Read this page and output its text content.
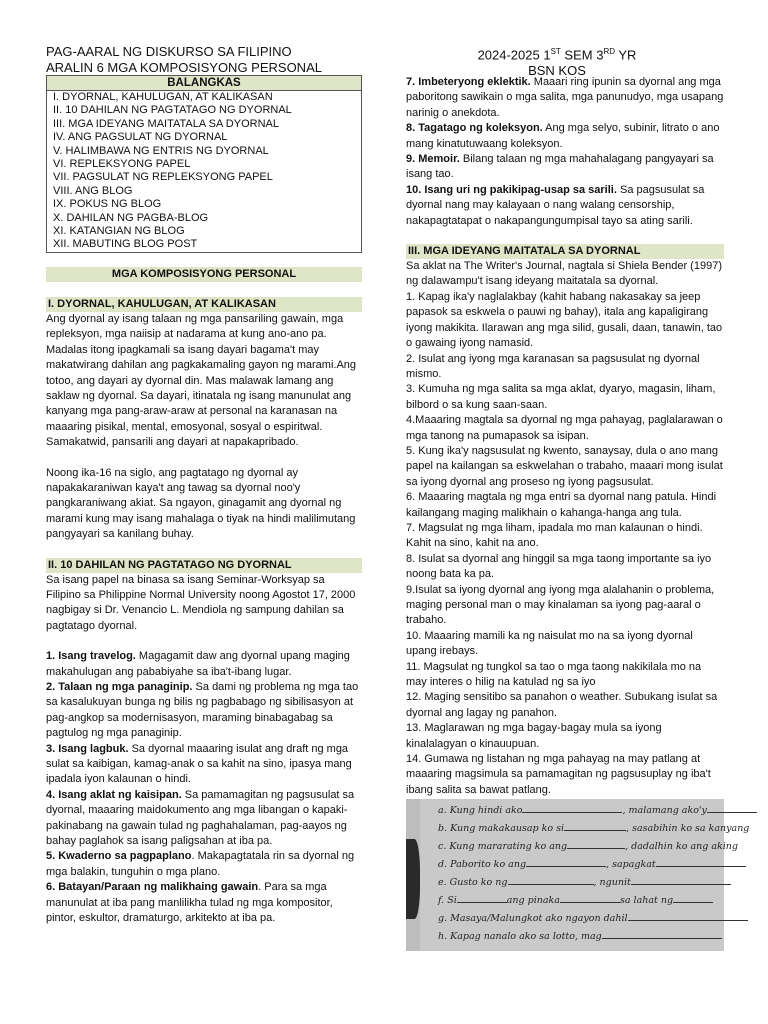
PAG-AARAL NG DISKURSO SA FILIPINO
ARALIN 6 MGA KOMPOSISYONG PERSONAL
2024-2025 1ST SEM 3RD YR
BSN KOS
BALANGKAS
I. DYORNAL, KAHULUGAN, AT KALIKASAN
II. 10 DAHILAN NG PAGTATAGO NG DYORNAL
III. MGA IDEYANG MAITATALA SA DYORNAL
IV. ANG PAGSULAT NG DYORNAL
V. HALIMBAWA NG ENTRIS NG DYORNAL
VI. REPLEKSYONG PAPEL
VII. PAGSULAT NG REPLEKSYONG PAPEL
VIII. ANG BLOG
IX. POKUS NG BLOG
X. DAHILAN NG PAGBA-BLOG
XI. KATANGIAN NG BLOG
XII. MABUTING BLOG POST
MGA KOMPOSISYONG PERSONAL
I. DYORNAL, KAHULUGAN, AT KALIKASAN

Ang dyornal ay isang talaan ng mga pansariling gawain, mga repleksyon, mga naiisip at nadarama at kung ano-ano pa. Madalas itong ipagkamali sa isang dayari bagama't may makatwirang dahilan ang pagkakamaling gayon ng marami.Ang totoo, ang dayari ay dyornal din. Mas malawak lamang ang saklaw ng dyornal. Sa dayari, itinatala ng isang manunulat ang kanyang mga pang-araw-araw at personal na karanasan na maaaring pisikal, mental, emosyonal, sosyal o espiritwal. Samakatwid, pansarili ang dayari at napakapribado.

Noong ika-16 na siglo, ang pagtatago ng dyornal ay napakakaraniwan kaya't ang tawag sa dyornal noo'y pangkaraniwang akiat. Sa ngayon, ginagamit ang dyornal ng marami kung may isang mahalaga o tiyak na hindi malilimutang pangyayari sa kanilang buhay.

II. 10 DAHILAN NG PAGTATAGO NG DYORNAL

Sa isang papel na binasa sa isang Seminar-Worksyap sa Filipino sa Philippine Normal University noong Agostot 17, 2000 nagbigay si Dr. Venancio L. Mendiola ng sampung dahilan sa pagtatago dyornal.

1. Isang travelog. Magagamit daw ang dyornal upang maging makahulugan ang pababiyahe sa iba't-ibang lugar.

2. Talaan ng mga panaginip. Sa dami ng problema ng mga tao sa kasalukuyan bunga ng bilis ng pagbabago ng sibilisasyon at pag-angkop sa modernisasyon, maraming binabagabag sa pagtulog ng mga panaginip.

3. Isang lagbuk. Sa dyornal maaaring isulat ang draft ng mga sulat sa kaibigan, kamag-anak o sa kahit na sino, ipasya mang ipadala iyon kalaunan o hindi.

4. Isang aklat ng kaisipan. Sa pamamagitan ng pagsusulat sa dyornal, maaaring maidokumento ang mga libangan o kapaki-pakinabang na gawain tulad ng paghahalaman, pag-aayos ng bahay paglahok sa isang paligsahan at iba pa.

5. Kwaderno sa pagpaplano. Makapagtatala rin sa dyornal ng mga balakin, tunguhin o mga plano.

6. Batayan/Paraan ng malikhaing gawain. Para sa mga manunulat at iba pang manlilikha tulad ng mga kompositor, pintor, eskultor, dramaturgo, arkitekto at iba pa.

7. Imbeteryong eklektik. Maaari ring ipunin sa dyornal ang mga paboritong sawikain o mga salita, mga panunudyo, mga usapang narinig o anekdota.

8. Tagatago ng koleksyon. Ang mga selyo, subinir, litrato o ano mang kinatutuwaang koleksyon.

9. Memoir. Bilang talaan ng mga mahahalagang pangyayari sa isang tao.

10. Isang uri ng pakikipag-usap sa sarili. Sa pagsusulat sa dyornal nang may kalayaan o nang walang censorship, nakapagtatapat o nakapangungumpisal tayo sa ating sarili.

III. MGA IDEYANG MAITATALA SA DYORNAL

Sa aklat na The Writer's Journal, nagtala si Shiela Bender (1997) ng dalawampu't isang ideyang maitatala sa dyornal.

1. Kapag ika'y naglalakbay (kahit habang nakasakay sa jeep papasok sa eskwela o pauwi ng bahay), itala ang kapaligirang iyong makikita. Ilarawan ang mga silid, gusali, daan, tanawin, tao o gawaing iyong namasid.

2. Isulat ang iyong mga karanasan sa pagsusulat ng dyornal mismo.

3. Kumuha ng mga salita sa mga aklat, dyaryo, magasin, liham, bilbord o sa kung saan-saan.

4.Maaaring magtala sa dyornal ng mga pahayag, paglalarawan o mga tanong na pumapasok sa isipan.

5. Kung ika'y nagsusulat ng kwento, sanaysay, dula o ano mang papel na kailangan sa eskwelahan o trabaho, maaari mong isulat sa iyong dyornal ang proseso ng iyong pagsusulat.

6. Maaaring magtala ng mga entri sa dyornal nang patula. Hindi kailangang maging malikhain o kahanga-hanga ang tula.

7. Magsulat ng mga liham, ipadala mo man kalaunan o hindi. Kahit na sino, kahit na ano.

8. Isulat sa dyornal ang hinggil sa mga taong importante sa iyo noong bata ka pa.

9.Isulat sa iyong dyornal ang iyong mga alalahanin o problema, maging personal man o may kinalaman sa iyong pag-aaral o trabaho.

10. Maaaring mamili ka ng naisulat mo na sa iyong dyornal upang irebays.

11. Magsulat ng tungkol sa tao o mga taong nakikilala mo na may interes o hilig na katulad ng sa iyo

12. Maging sensitibo sa panahon o weather. Subukang isulat sa dyornal ang lagay ng panahon.

13. Maglarawan ng mga bagay-bagay mula sa iyong kinalalagyan o kinauupuan.

14. Gumawa ng listahan ng mga pahayag na may patlang at maaaring magsimula sa pamamagitan ng pagsusuplay ng iba't ibang salita sa bawat patlang.

a. Kung hindi ako	, malamang ako'y
b. Kung makakausap ko si	, sasabihin ko sa kanyang
c. Kung mararating ko ang	, dadalhin ko ang aking
d. Paborito ko ang	, sapagkat
e. Gusto ko ng	, ngunit
f. Si	ang pinaka	sa lahat ng
g. Masaya/Malungkot ako ngayon dahil
h. Kapag nanalo ako sa lotto, mag
